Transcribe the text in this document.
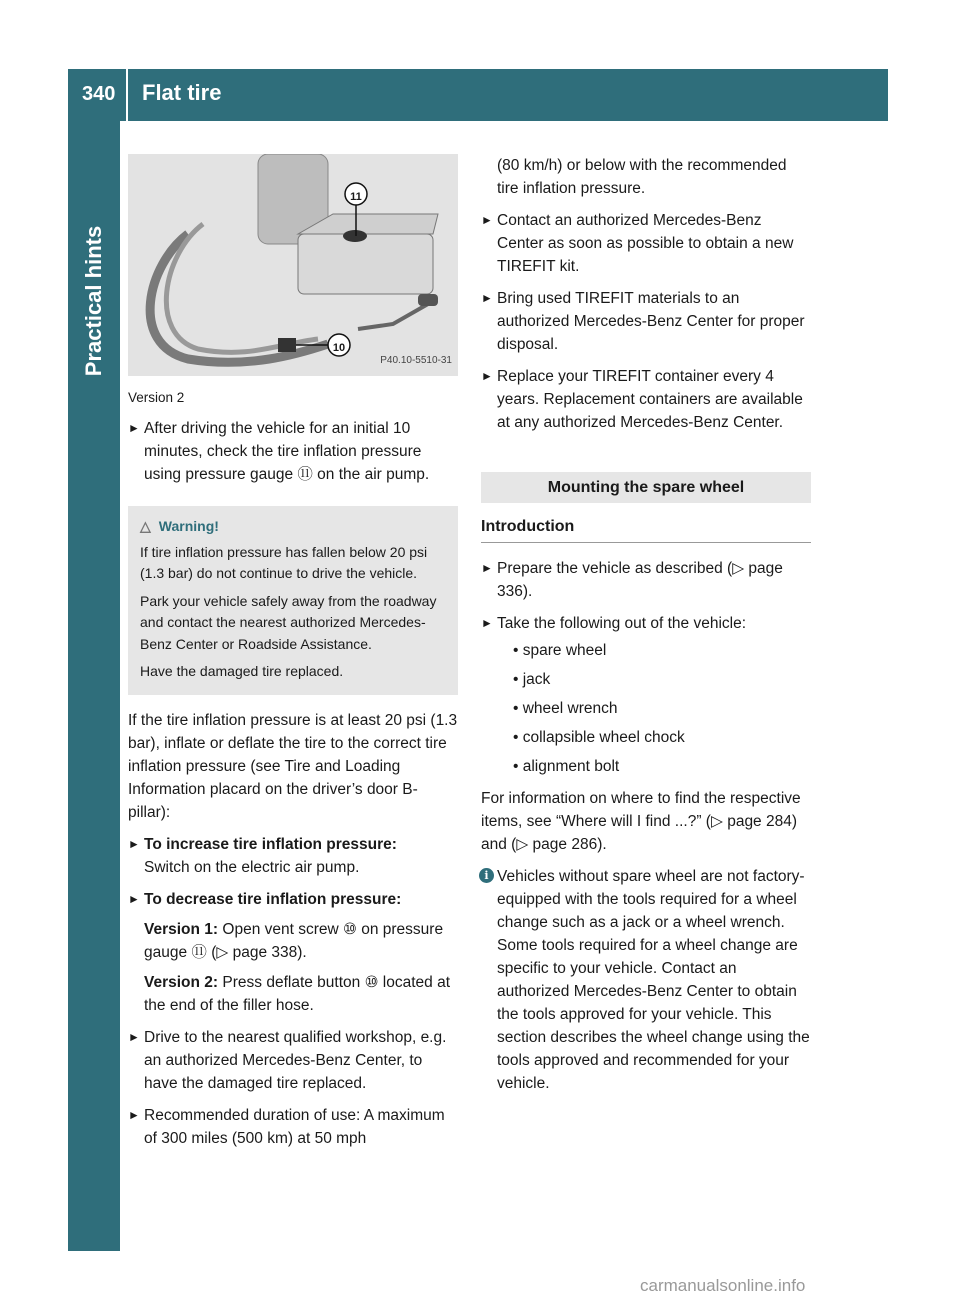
340 Flat tire
Practical hints
11
10
P40.10-5510-31
Version 2
► After driving the vehicle for an initial 10 minutes, check the tire inflation pressure using pressure gauge ⑪ on the air pump.
△ Warning!

If tire inflation pressure has fallen below 20 psi (1.3 bar) do not continue to drive the vehicle.

Park your vehicle safely away from the roadway and contact the nearest authorized Mercedes-Benz Center or Roadside Assistance.

Have the damaged tire replaced.

If the tire inflation pressure is at least 20 psi (1.3 bar), inflate or deflate the tire to the correct tire inflation pressure (see Tire and Loading Information placard on the driver’s door B-pillar):

► To increase tire inflation pressure:
Switch on the electric air pump.
► To decrease tire inflation pressure:
Version 1: Open vent screw ⑩ on pressure gauge ⑪ (▷ page 338).
Version 2: Press deflate button ⑩ located at the end of the filler hose.
► Drive to the nearest qualified workshop, e.g. an authorized Mercedes-Benz Center, to have the damaged tire replaced.
► Recommended duration of use: A maximum of 300 miles (500 km) at 50 mph
(80 km/h) or below with the recommended tire inflation pressure.
► Contact an authorized Mercedes-Benz Center as soon as possible to obtain a new TIREFIT kit.
► Bring used TIREFIT materials to an authorized Mercedes-Benz Center for proper disposal.
► Replace your TIREFIT container every 4 years. Replacement containers are available at any authorized Mercedes-Benz Center.
Mounting the spare wheel
Introduction
► Prepare the vehicle as described (▷ page 336).
► Take the following out of the vehicle:
• spare wheel
• jack
• wheel wrench
• collapsible wheel chock
• alignment bolt

For information on where to find the respective items, see “Where will I find ...?” (▷ page 284) and (▷ page 286).

i Vehicles without spare wheel are not factory-equipped with the tools required for a wheel change such as a jack or a wheel wrench. Some tools required for a wheel change are specific to your vehicle. Contact an authorized Mercedes-Benz Center to obtain the tools approved for your vehicle. This section describes the wheel change using the tools approved and recommended for your vehicle.
carmanualsonline.info
